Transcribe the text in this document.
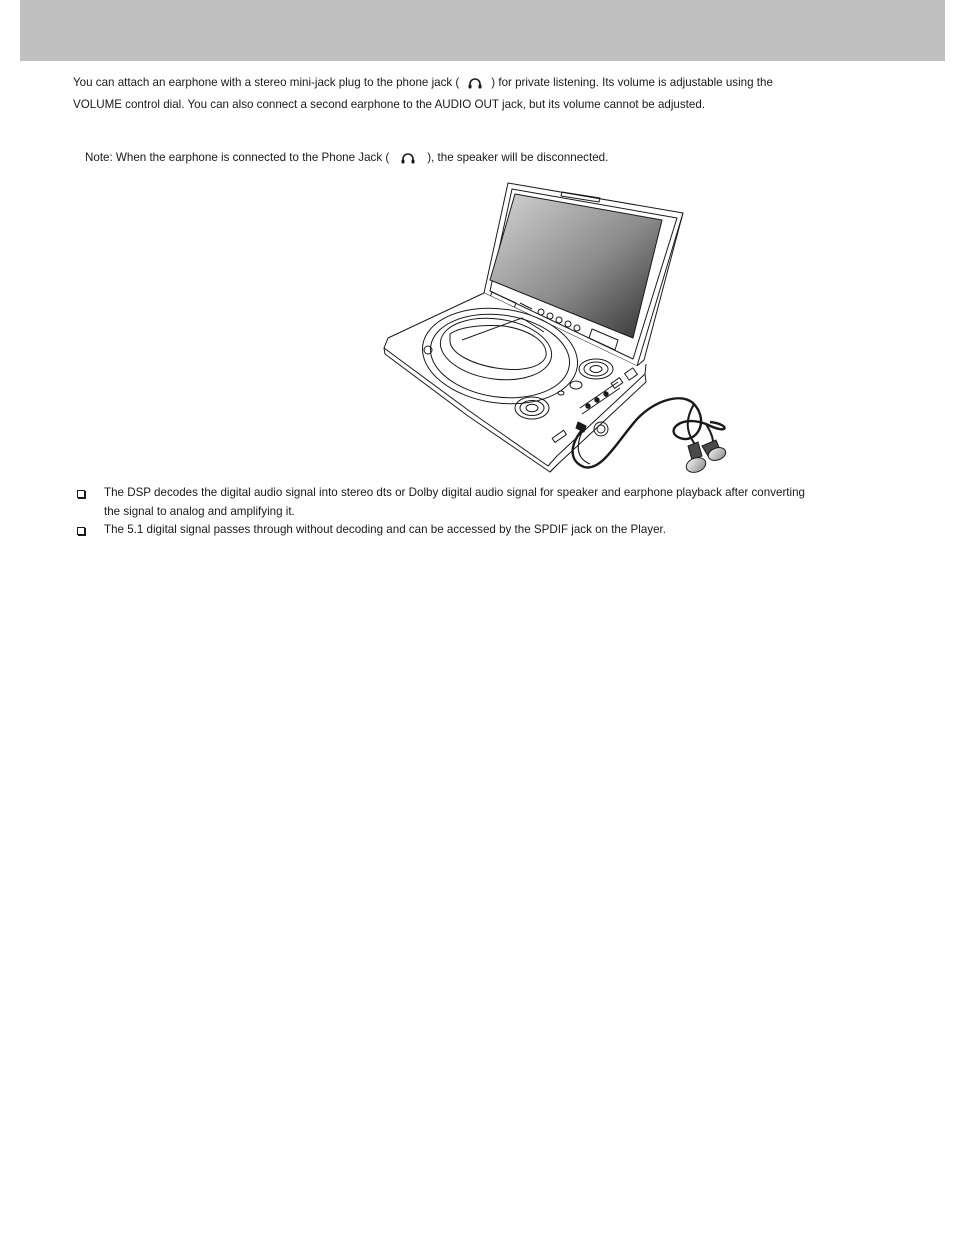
You can attach an earphone with a stereo mini-jack plug to the phone jack (	) for private listening. Its volume is adjustable using the VOLUME control dial. You can also connect a second earphone to the AUDIO OUT jack, but its volume cannot be adjusted.

Note: When the earphone is connected to the Phone Jack (	), the speaker will be disconnected.

The DSP decodes the digital audio signal into stereo dts or Dolby digital audio signal for speaker and earphone playback after converting the signal to analog and amplifying it.
The 5.1 digital signal passes through without decoding and can be accessed by the SPDIF jack on the Player.
